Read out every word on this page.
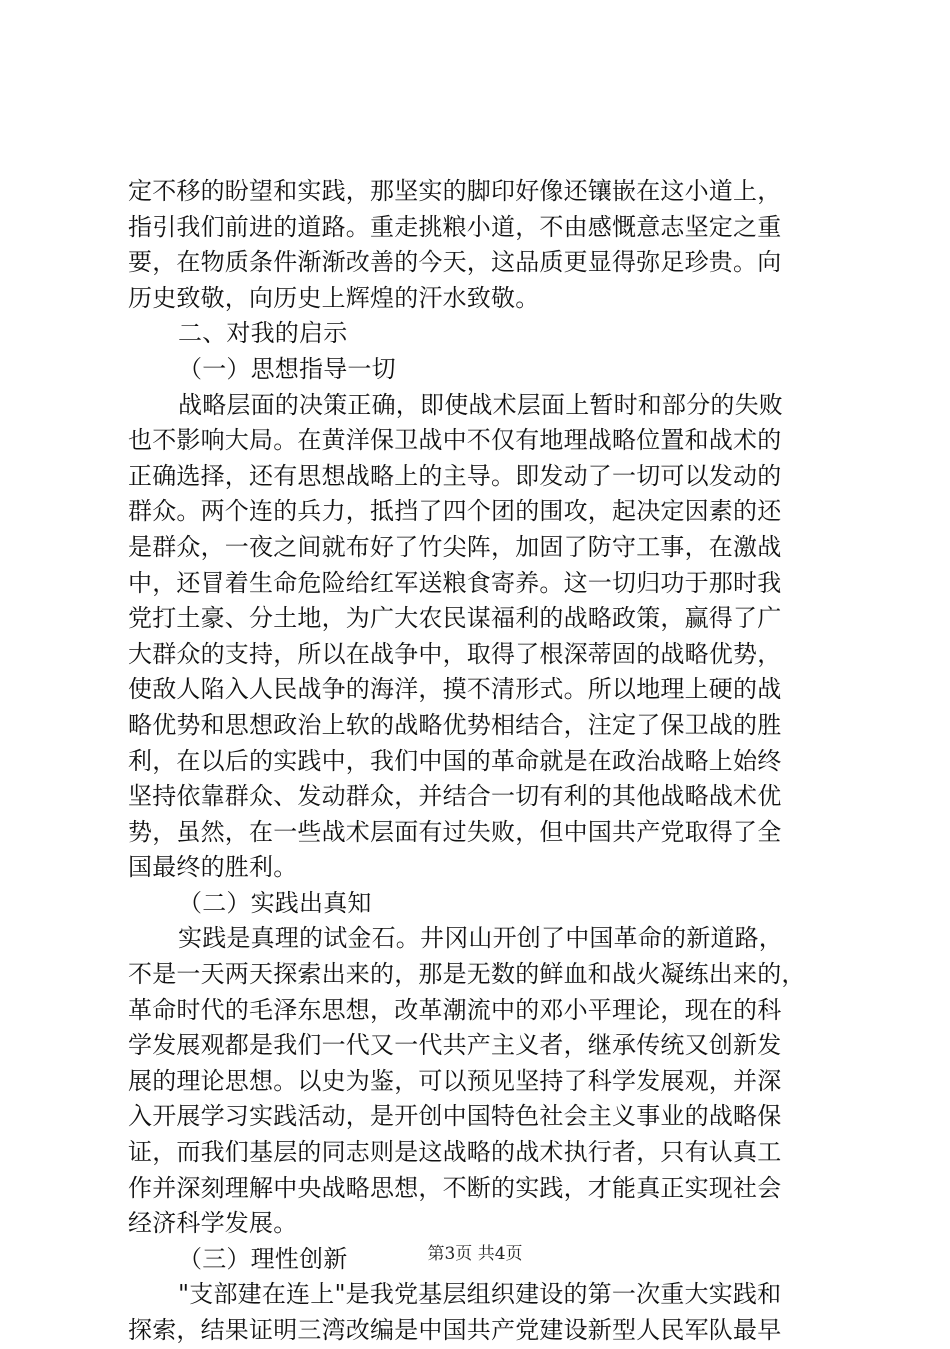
定不移的盼望和实践，那坚实的脚印好像还镶嵌在这小道上，
指引我们前进的道路。重走挑粮小道，不由感慨意志坚定之重
要，在物质条件渐渐改善的今天，这品质更显得弥足珍贵。向
历史致敬，向历史上辉煌的汗水致敬。
二、对我的启示
（一）思想指导一切
战略层面的决策正确，即使战术层面上暂时和部分的失败
也不影响大局。在黄洋保卫战中不仅有地理战略位置和战术的
正确选择，还有思想战略上的主导。即发动了一切可以发动的
群众。两个连的兵力，抵挡了四个团的围攻，起决定因素的还
是群众，一夜之间就布好了竹尖阵，加固了防守工事，在激战
中，还冒着生命危险给红军送粮食寄养。这一切归功于那时我
党打土豪、分土地，为广大农民谋福利的战略政策，赢得了广
大群众的支持，所以在战争中，取得了根深蒂固的战略优势，
使敌人陷入人民战争的海洋，摸不清形式。所以地理上硬的战
略优势和思想政治上软的战略优势相结合，注定了保卫战的胜
利，在以后的实践中，我们中国的革命就是在政治战略上始终
坚持依靠群众、发动群众，并结合一切有利的其他战略战术优
势，虽然，在一些战术层面有过失败，但中国共产党取得了全
国最终的胜利。
（二）实践出真知
实践是真理的试金石。井冈山开创了中国革命的新道路，
不是一天两天探索出来的，那是无数的鲜血和战火凝练出来的，
革命时代的毛泽东思想，改革潮流中的邓小平理论，现在的科
学发展观都是我们一代又一代共产主义者，继承传统又创新发
展的理论思想。以史为鉴，可以预见坚持了科学发展观，并深
入开展学习实践活动，是开创中国特色社会主义事业的战略保
证，而我们基层的同志则是这战略的战术执行者，只有认真工
作并深刻理解中央战略思想，不断的实践，才能真正实现社会
经济科学发展。
（三）理性创新
"支部建在连上"是我党基层组织建设的第一次重大实践和
探索，结果证明三湾改编是中国共产党建设新型人民军队最早
第3页 共4页
